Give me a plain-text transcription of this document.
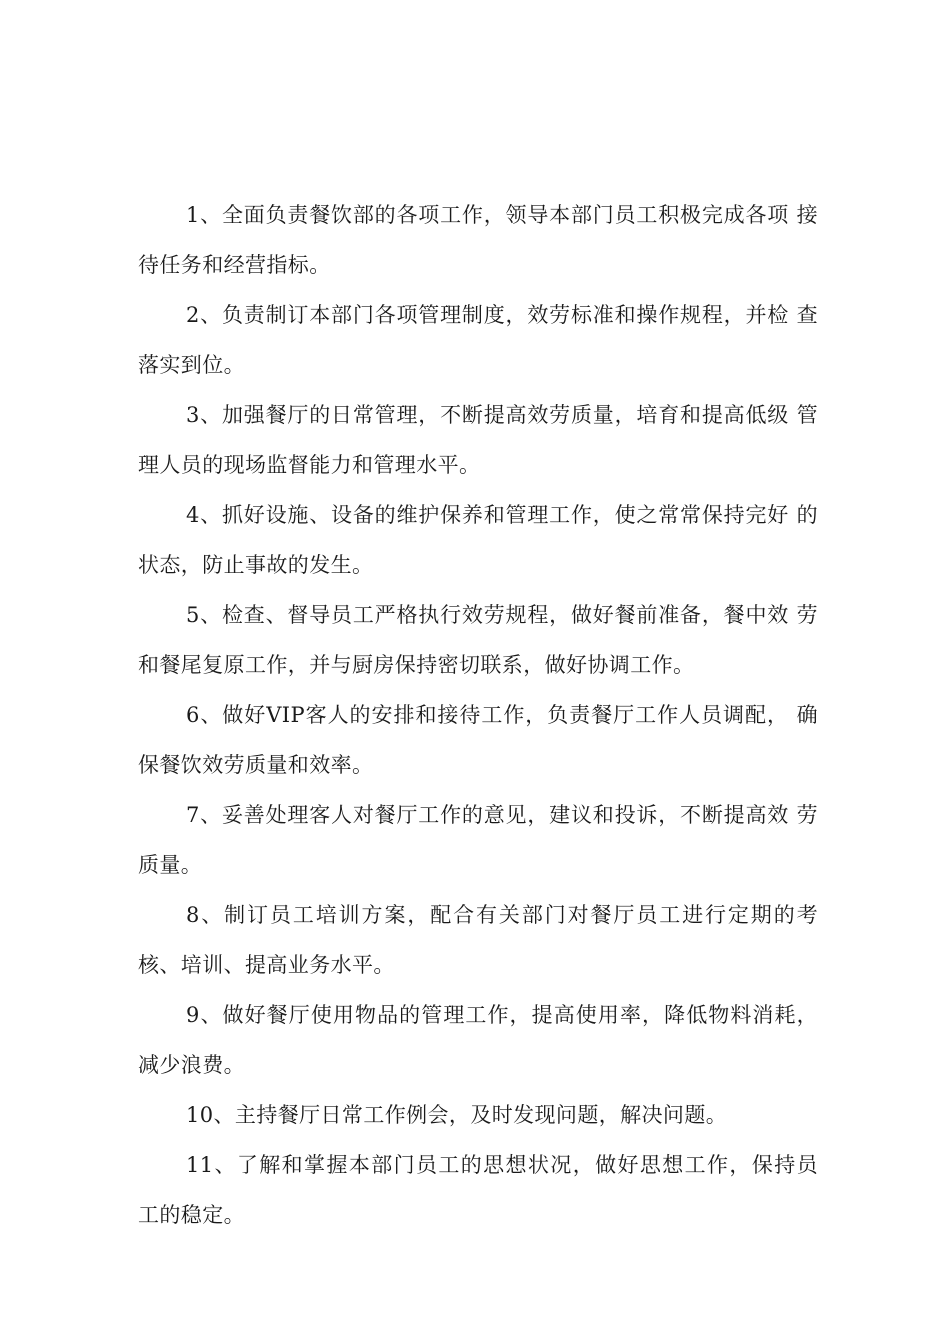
1、全面负责餐饮部的各项工作，领导本部门员工积极完成各项 接待任务和经营指标。

2、负责制订本部门各项管理制度，效劳标准和操作规程，并检 查落实到位。

3、加强餐厅的日常管理，不断提高效劳质量，培育和提高低级 管理人员的现场监督能力和管理水平。

4、抓好设施、设备的维护保养和管理工作，使之常常保持完好 的状态，防止事故的发生。

5、检查、督导员工严格执行效劳规程，做好餐前准备，餐中效 劳和餐尾复原工作，并与厨房保持密切联系，做好协调工作。

6、做好VIP客人的安排和接待工作，负责餐厅工作人员调配， 确保餐饮效劳质量和效率。

7、妥善处理客人对餐厅工作的意见，建议和投诉，不断提高效 劳质量。

8、制订员工培训方案，配合有关部门对餐厅员工进行定期的考核、培训、提高业务水平。

9、做好餐厅使用物品的管理工作，提高使用率，降低物料消耗，减少浪费。

10、主持餐厅日常工作例会，及时发现问题，解决问题。

11、了解和掌握本部门员工的思想状况，做好思想工作，保持员 工的稳定。
